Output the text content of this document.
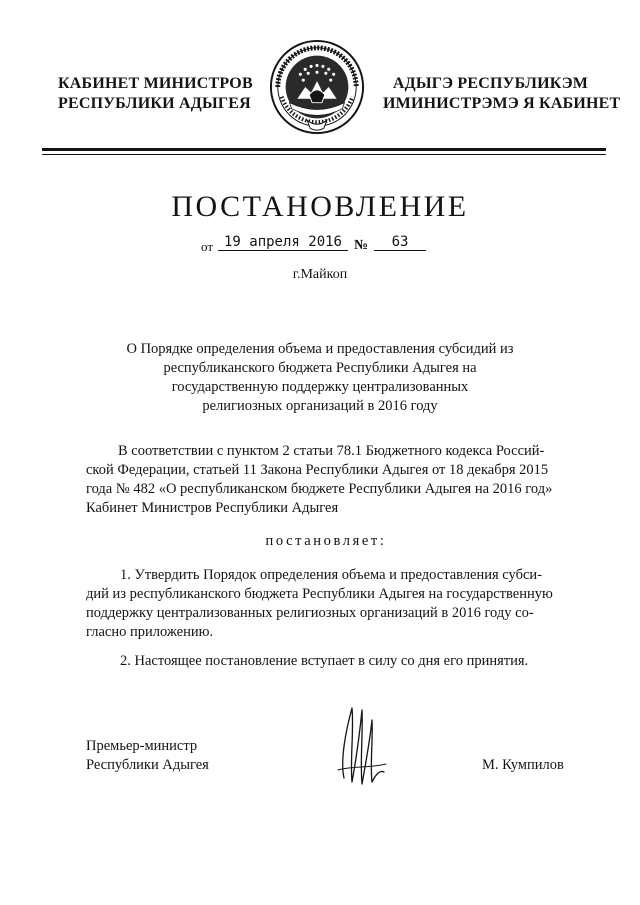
КАБИНЕТ МИНИСТРОВ
РЕСПУБЛИКИ АДЫГЕЯ
АДЫГЭ РЕСПУБЛИКЭМ
ИМИНИСТРЭМЭ Я КАБИНЕТ
ПОСТАНОВЛЕНИЕ
от 19 апреля 2016 №	63
г.Майкоп
О Порядке определения объема и предоставления субсидий из
республиканского бюджета Республики Адыгея на
государственную поддержку централизованных
религиозных организаций в 2016 году
В соответствии с пунктом 2 статьи 78.1 Бюджетного кодекса Россий-
ской Федерации, статьей 11 Закона Республики Адыгея от 18 декабря 2015
года № 482 «О республиканском бюджете Республики Адыгея на 2016 год»
Кабинет Министров Республики Адыгея
постановляет:
1. Утвердить Порядок определения объема и предоставления субси-
дий из республиканского бюджета Республики Адыгея на государственную
поддержку централизованных религиозных организаций в 2016 году со-
гласно приложению.
2. Настоящее постановление вступает в силу со дня его принятия.
Премьер-министр
Республики Адыгея	М. Кумпилов
